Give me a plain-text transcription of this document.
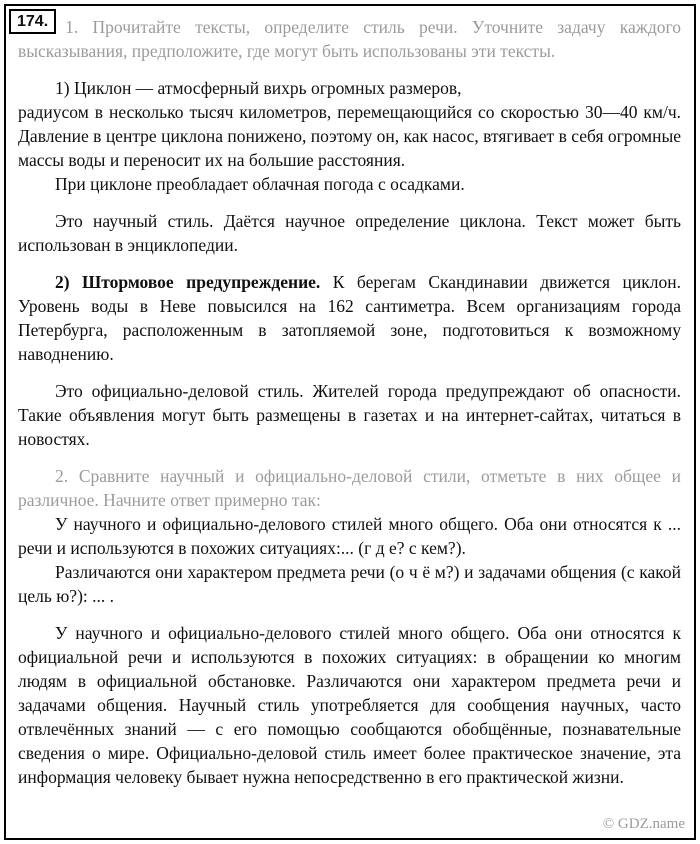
174. 1. Прочитайте тексты, определите стиль речи. Уточните задачу каждого высказывания, предположите, где могут быть использованы эти тексты.

1) Циклон — атмосферный вихрь огромных размеров,

радиусом в несколько тысяч километров, перемещающийся со скоростью 30—40 км/ч. Давление в центре циклона понижено, поэтому он, как насос, втягивает в себя огромные массы воды и переносит их на большие расстояния.

При циклоне преобладает облачная погода с осадками.

Это научный стиль. Даётся научное определение циклона. Текст может быть использован в энциклопедии.

2) Штормовое предупреждение. К берегам Скандинавии движется циклон. Уровень воды в Неве повысился на 162 сантиметра. Всем организациям города Петербурга, расположенным в затопляемой зоне, подготовиться к возможному наводнению.

Это официально-деловой стиль. Жителей города предупреждают об опасности. Такие объявления могут быть размещены в газетах и на интернет-сайтах, читаться в новостях.

2. Сравните научный и официально-деловой стили, отметьте в них общее и различное. Начните ответ примерно так:

У научного и официально-делового стилей много общего. Оба они относятся к ... речи и используются в похожих ситуациях:... (г д е? с кем?).

Различаются они характером предмета речи (о ч ё м?) и задачами общения (с какой цель ю?): ... .

У научного и официально-делового стилей много общего. Оба они относятся к официальной речи и используются в похожих ситуациях: в обращении ко многим людям в официальной обстановке. Различаются они характером предмета речи и задачами общения. Научный стиль употребляется для сообщения научных, часто отвлечённых знаний — с его помощью сообщаются обобщённые, познавательные сведения о мире. Официально-деловой стиль имеет более практическое значение, эта информация человеку бывает нужна непосредственно в его практической жизни.

© GDZ.name
